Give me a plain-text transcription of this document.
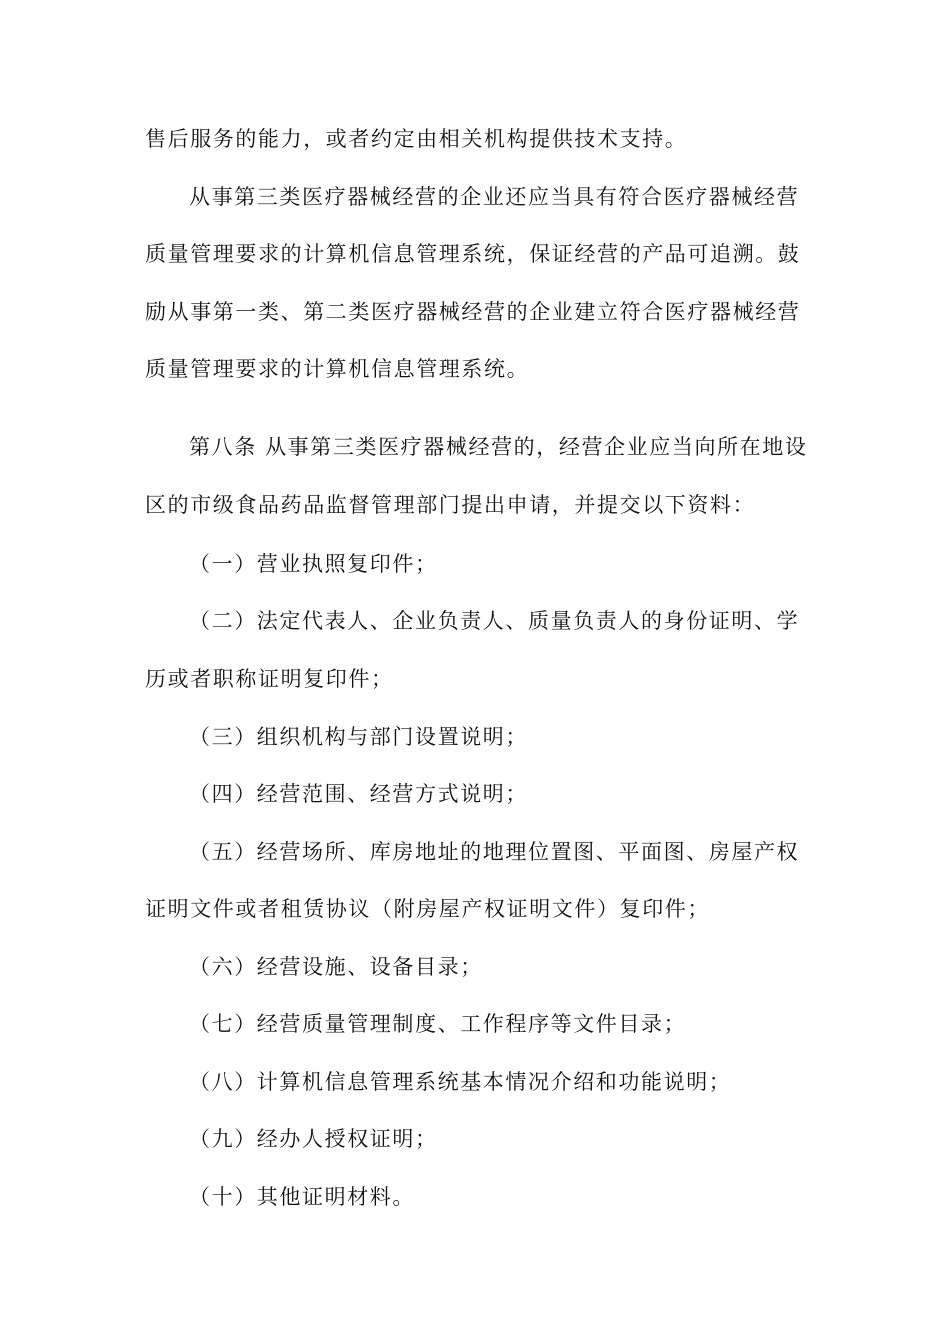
售后服务的能力，或者约定由相关机构提供技术支持。

从事第三类医疗器械经营的企业还应当具有符合医疗器械经营

质量管理要求的计算机信息管理系统，保证经营的产品可追溯。鼓

励从事第一类、第二类医疗器械经营的企业建立符合医疗器械经营

质量管理要求的计算机信息管理系统。

第八条 从事第三类医疗器械经营的，经营企业应当向所在地设

区的市级食品药品监督管理部门提出申请，并提交以下资料：

（一）营业执照复印件；

（二）法定代表人、企业负责人、质量负责人的身份证明、学

历或者职称证明复印件；

（三）组织机构与部门设置说明；

（四）经营范围、经营方式说明；

（五）经营场所、库房地址的地理位置图、平面图、房屋产权

证明文件或者租赁协议（附房屋产权证明文件）复印件；

（六）经营设施、设备目录；

（七）经营质量管理制度、工作程序等文件目录；

（八）计算机信息管理系统基本情况介绍和功能说明；

（九）经办人授权证明；

（十）其他证明材料。
